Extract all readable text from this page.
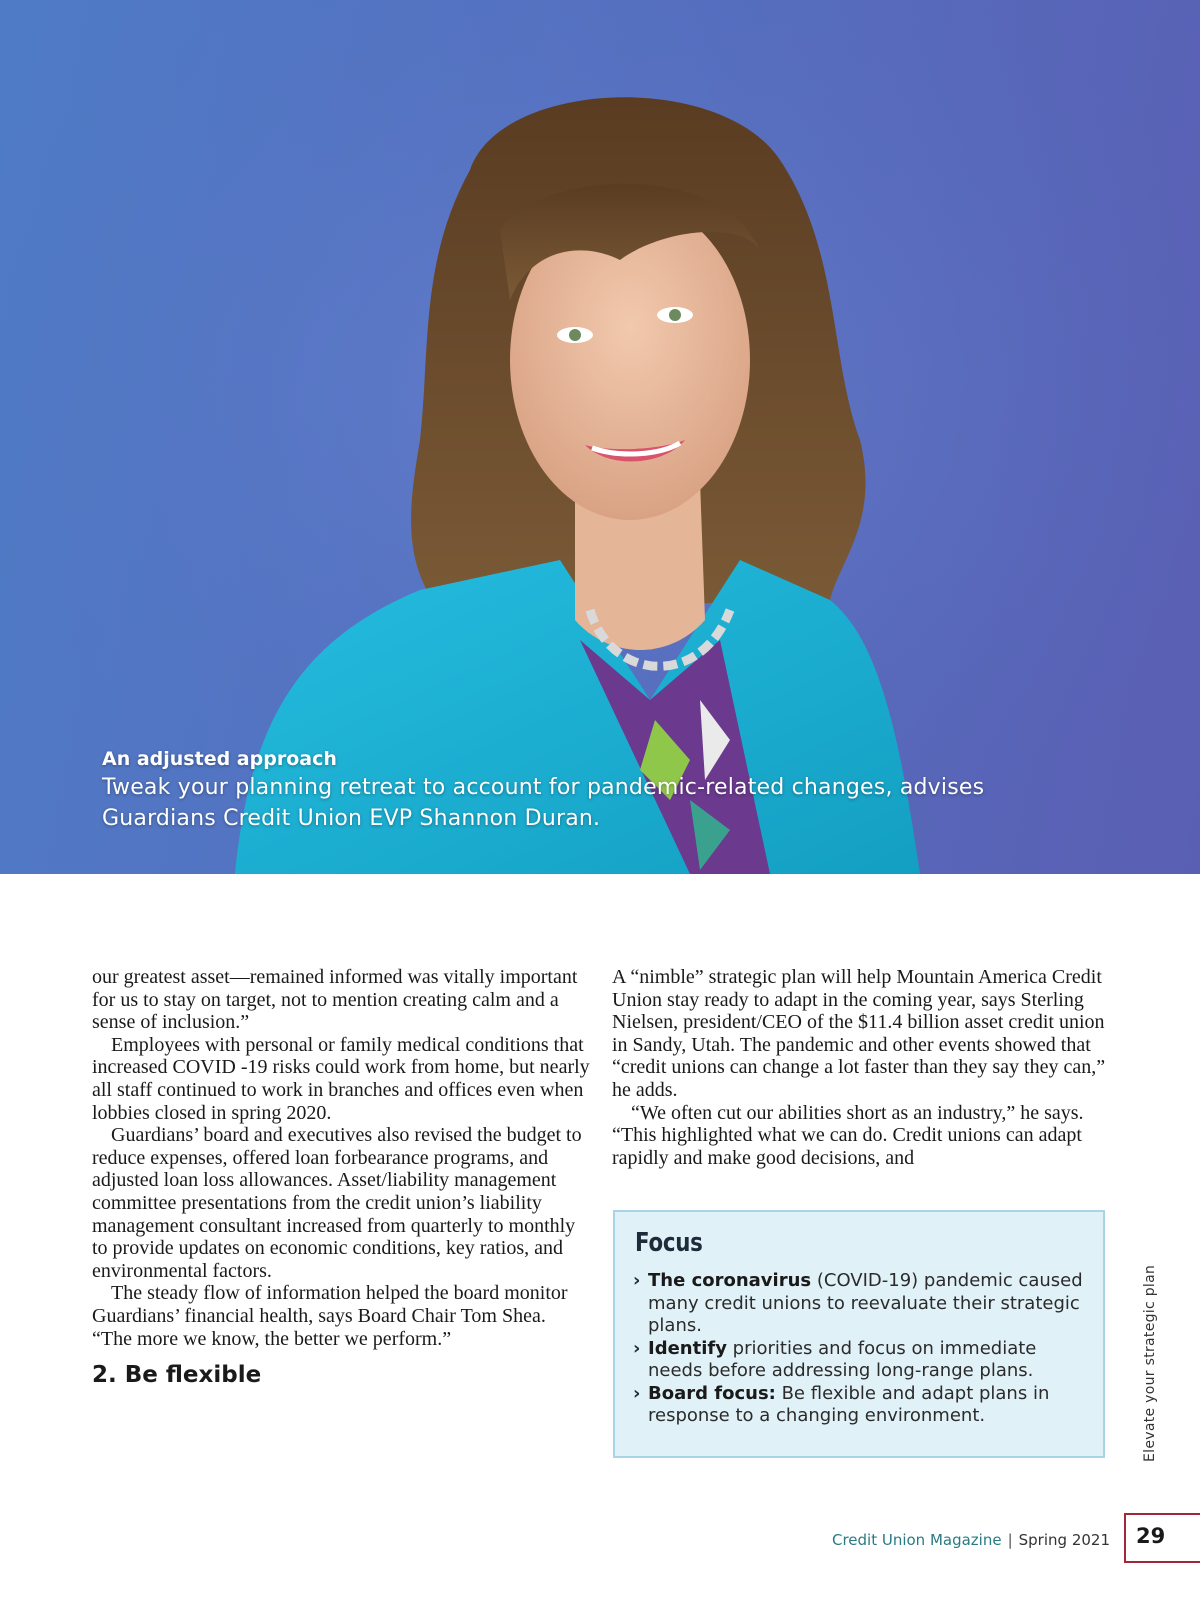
An adjusted approach
Tweak your planning retreat to account for pandemic-related changes, advises
Guardians Credit Union EVP Shannon Duran.

our greatest asset—remained informed was vitally important for us to stay on target, not to mention creating calm and a sense of inclusion.”

Employees with personal or family medical conditions that increased COVID -19 risks could work from home, but nearly all staff continued to work in branches and offices even when lobbies closed in spring 2020.

Guardians’ board and executives also revised the budget to reduce expenses, offered loan forbearance programs, and adjusted loan loss allowances. Asset/liability management committee presentations from the credit union’s liability management consultant increased from quarterly to monthly to provide updates on economic conditions, key ratios, and environmental factors.

The steady flow of information helped the board monitor Guardians’ financial health, says Board Chair Tom Shea. “The more we know, the better we perform.”

2. Be flexible

A “nimble” strategic plan will help Mountain America Credit Union stay ready to adapt in the coming year, says Sterling Nielsen, president/CEO of the $11.4 billion asset credit union in Sandy, Utah. The pandemic and other events showed that “credit unions can change a lot faster than they say they can,” he adds.

“We often cut our abilities short as an industry,” he says. “This highlighted what we can do. Credit unions can adapt rapidly and make good decisions, and

Focus
› The coronavirus (COVID-19) pandemic caused many credit unions to reevaluate their strategic plans.
› Identify priorities and focus on immediate needs before addressing long-range plans.
› Board focus: Be flexible and adapt plans in response to a changing environment.	Elevate your strategic plan
Credit Union Magazine | Spring 2021	29
